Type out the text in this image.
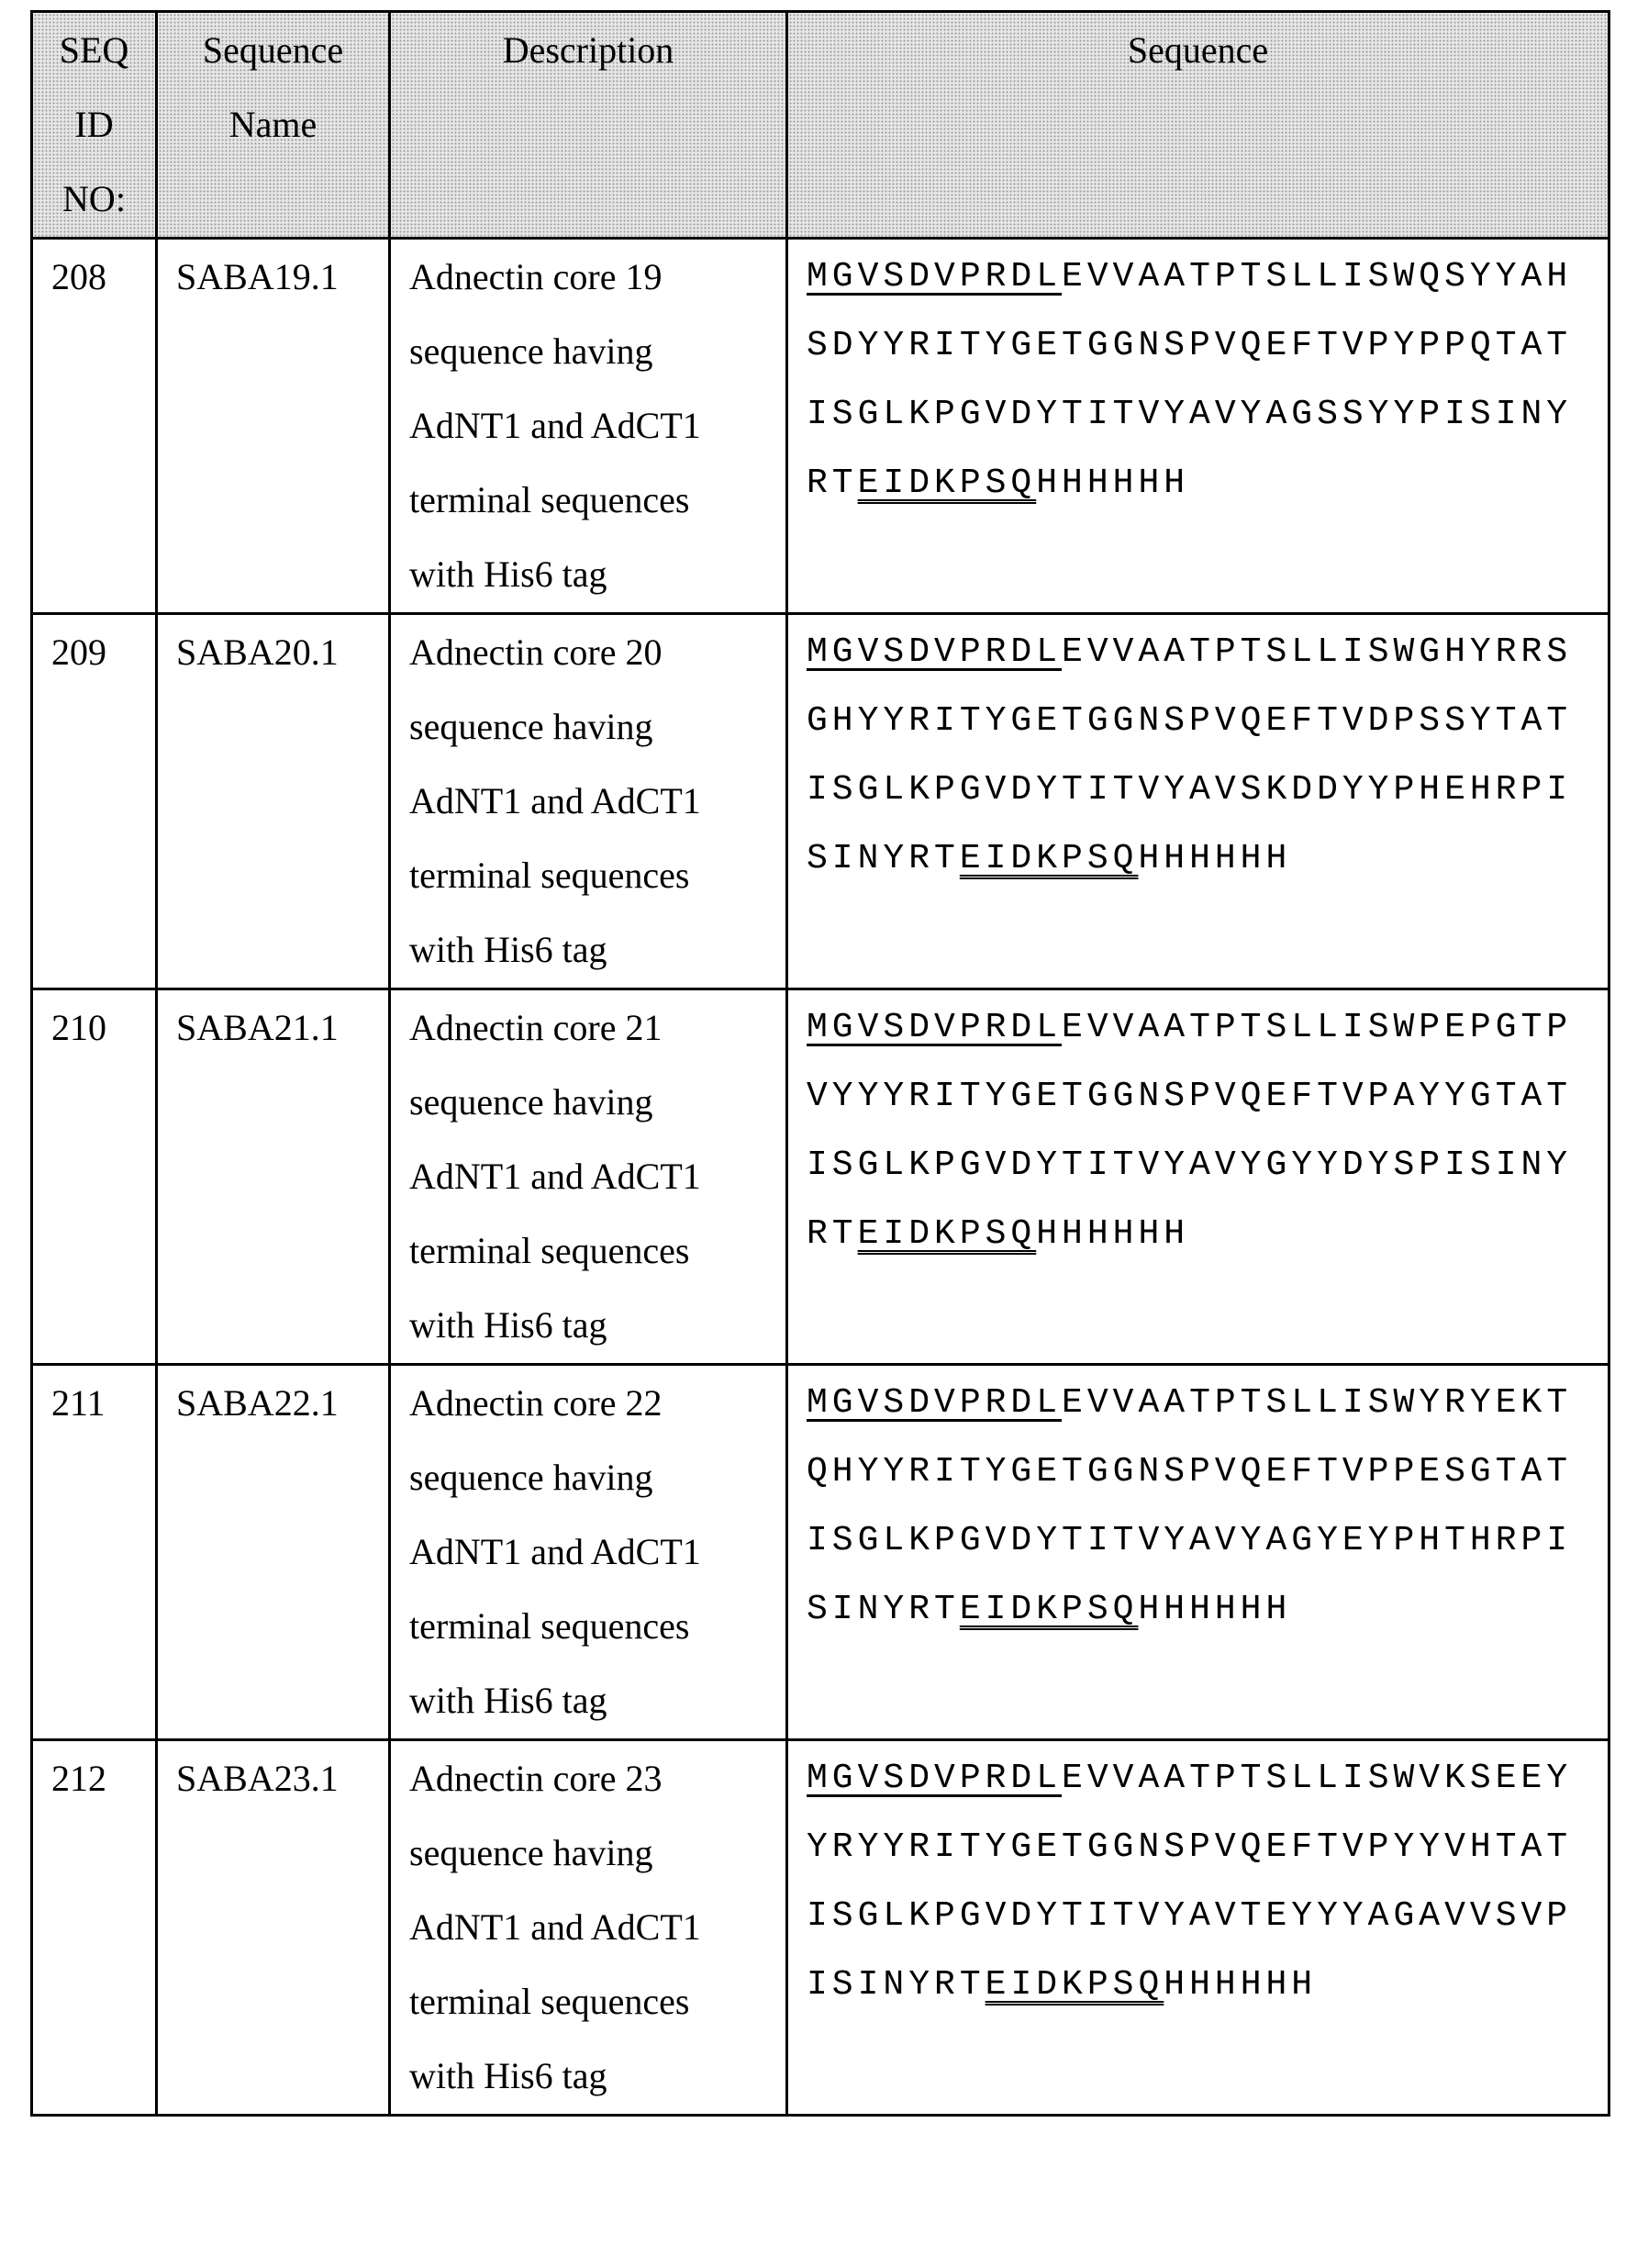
SEQ
ID
NO:

Sequence
Name

Description	Sequence

208	SABA19.1	Adnectin core 19
sequence having
AdNT1 and AdCT1
terminal sequences
with His6 tag

MGVSDVPRDLEVVAATPTSLLISWQSYYAH
SDYYRITYGETGGNSPVQEFTVPYPPQTAT
ISGLKPGVDYTITVYAVYAGSSYYPISINY
RTEIDKPSQHHHHHH

209	SABA20.1	Adnectin core 20
sequence having
AdNT1 and AdCT1
terminal sequences
with His6 tag

MGVSDVPRDLEVVAATPTSLLISWGHYRRS
GHYYRITYGETGGNSPVQEFTVDPSSYTAT
ISGLKPGVDYTITVYAVSKDDYYPHEHRPI
SINYRTEIDKPSQHHHHHH

210	SABA21.1	Adnectin core 21
sequence having
AdNT1 and AdCT1
terminal sequences
with His6 tag

MGVSDVPRDLEVVAATPTSLLISWPEPGTP
VYYYRITYGETGGNSPVQEFTVPAYYGTAT
ISGLKPGVDYTITVYAVYGYYDYSPISINY
RTEIDKPSQHHHHHH

211	SABA22.1	Adnectin core 22
sequence having
AdNT1 and AdCT1
terminal sequences
with His6 tag

MGVSDVPRDLEVVAATPTSLLISWYRYEKT
QHYYRITYGETGGNSPVQEFTVPPESGTAT
ISGLKPGVDYTITVYAVYAGYEYPHTHRPI
SINYRTEIDKPSQHHHHHH

212	SABA23.1	Adnectin core 23
sequence having
AdNT1 and AdCT1
terminal sequences
with His6 tag

MGVSDVPRDLEVVAATPTSLLISWVKSEEY
YRYYRITYGETGGNSPVQEFTVPYYVHTAT
ISGLKPGVDYTITVYAVTEYYYAGAVVSVP
ISINYRTEIDKPSQHHHHHH
